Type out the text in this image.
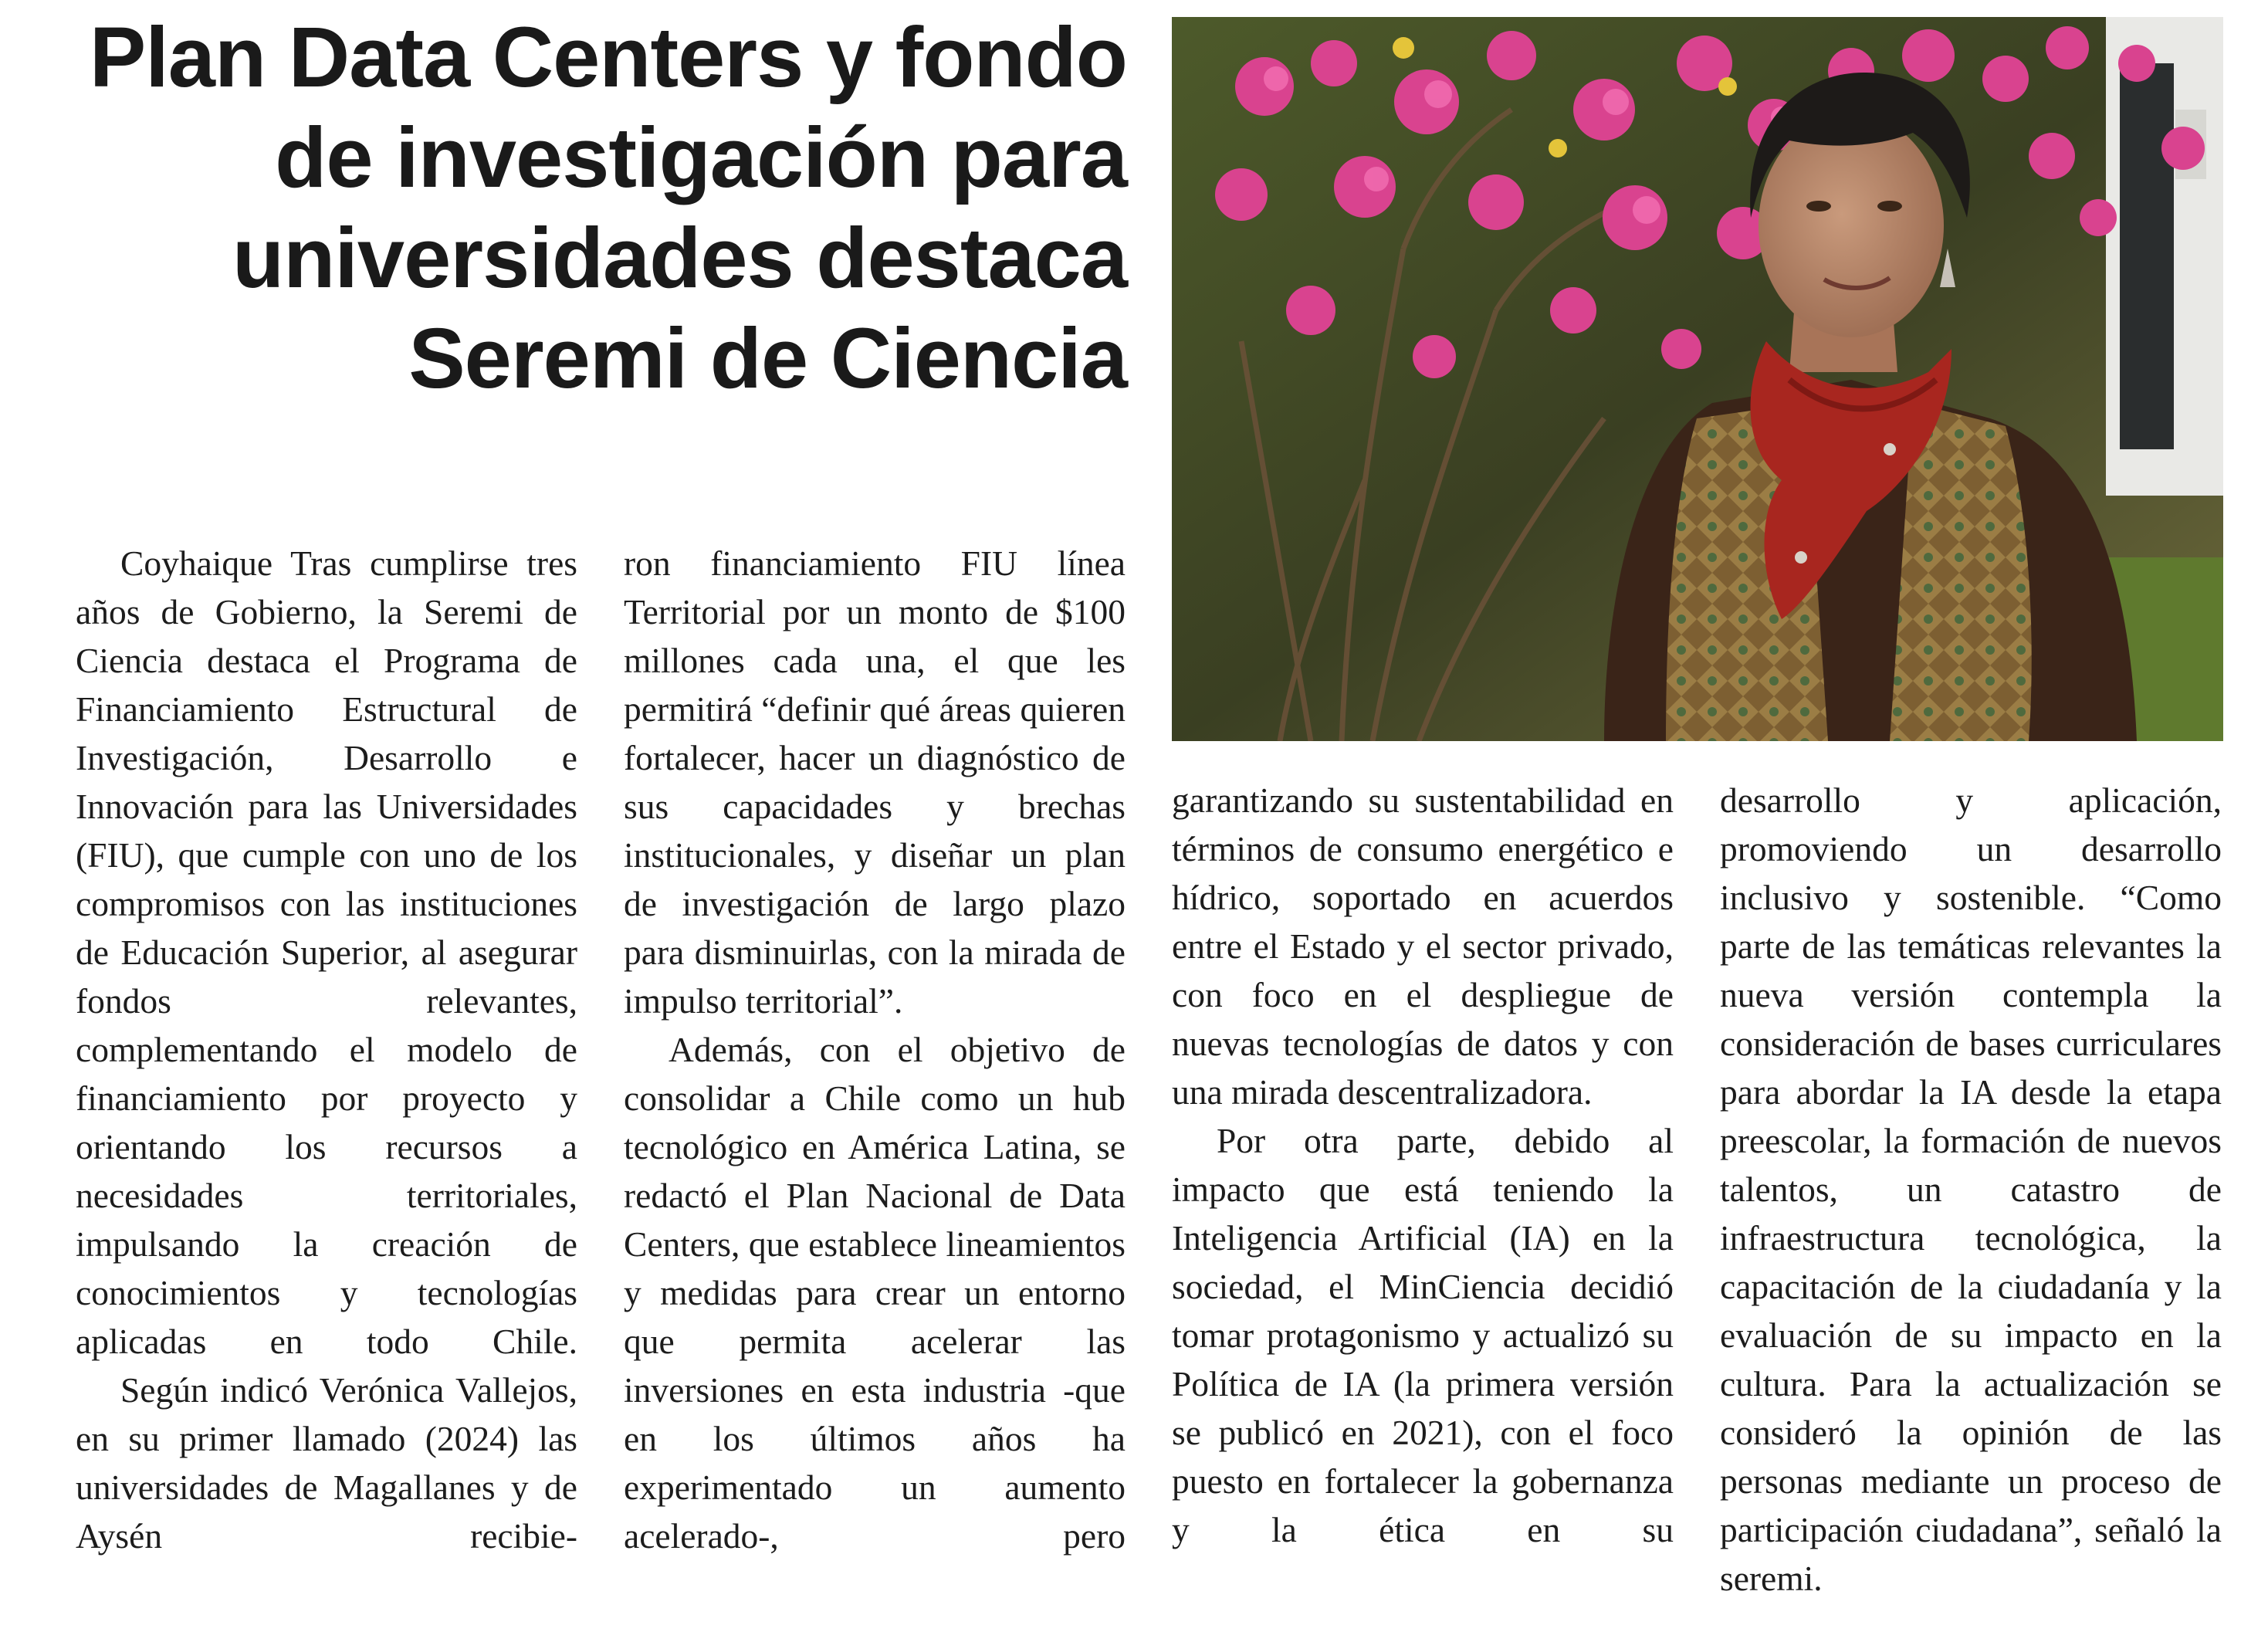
Plan Data Centers y fondo
de investigación para
universidades destaca
Seremi de Ciencia

Coyhaique Tras cumplirse tres años de Gobierno, la Seremi de Ciencia destaca el Programa de Financiamiento Estructural de Investigación, Desarrollo e Innovación para las Universidades (FIU), que cumple con uno de los compromisos con las instituciones de Educación Superior, al asegurar fondos relevantes, complementando el modelo de financiamiento por proyecto y orientando los recursos a necesidades territoriales, impulsando la creación de conocimientos y tecnologías aplicadas en todo Chile.

Según indicó Verónica Vallejos, en su primer llamado (2024) las universidades de Magallanes y de Aysén recibie-

ron financiamiento FIU línea Territorial por un monto de $100 millones cada una, el que les permitirá “definir qué áreas quieren fortalecer, hacer un diagnóstico de sus capacidades y brechas institucionales, y diseñar un plan de investigación de largo plazo para disminuirlas, con la mirada de impulso territorial”.

Además, con el objetivo de consolidar a Chile como un hub tecnológico en América Latina, se redactó el Plan Nacional de Data Centers, que establece lineamientos y medidas para crear un entorno que permita acelerar las inversiones en esta industria -que en los últimos años ha experimentado un aumento acelerado-, pero

garantizando su sustentabilidad en términos de consumo energético e hídrico, soportado en acuerdos entre el Estado y el sector privado, con foco en el despliegue de nuevas tecnologías de datos y con una mirada descentralizadora.

Por otra parte, debido al impacto que está teniendo la Inteligencia Artificial (IA) en la sociedad, el MinCiencia decidió tomar protagonismo y actualizó su Política de IA (la primera versión se publicó en 2021), con el foco puesto en fortalecer la gobernanza y la ética en su

desarrollo y aplicación, promoviendo un desarrollo inclusivo y sostenible. “Como parte de las temáticas relevantes la nueva versión contempla la consideración de bases curriculares para abordar la IA desde la etapa preescolar, la formación de nuevos talentos, un catastro de infraestructura tecnológica, la capacitación de la ciudadanía y la evaluación de su impacto en la cultura. Para la actualización se consideró la opinión de las personas mediante un proceso de participación ciudadana”, señaló la seremi.
